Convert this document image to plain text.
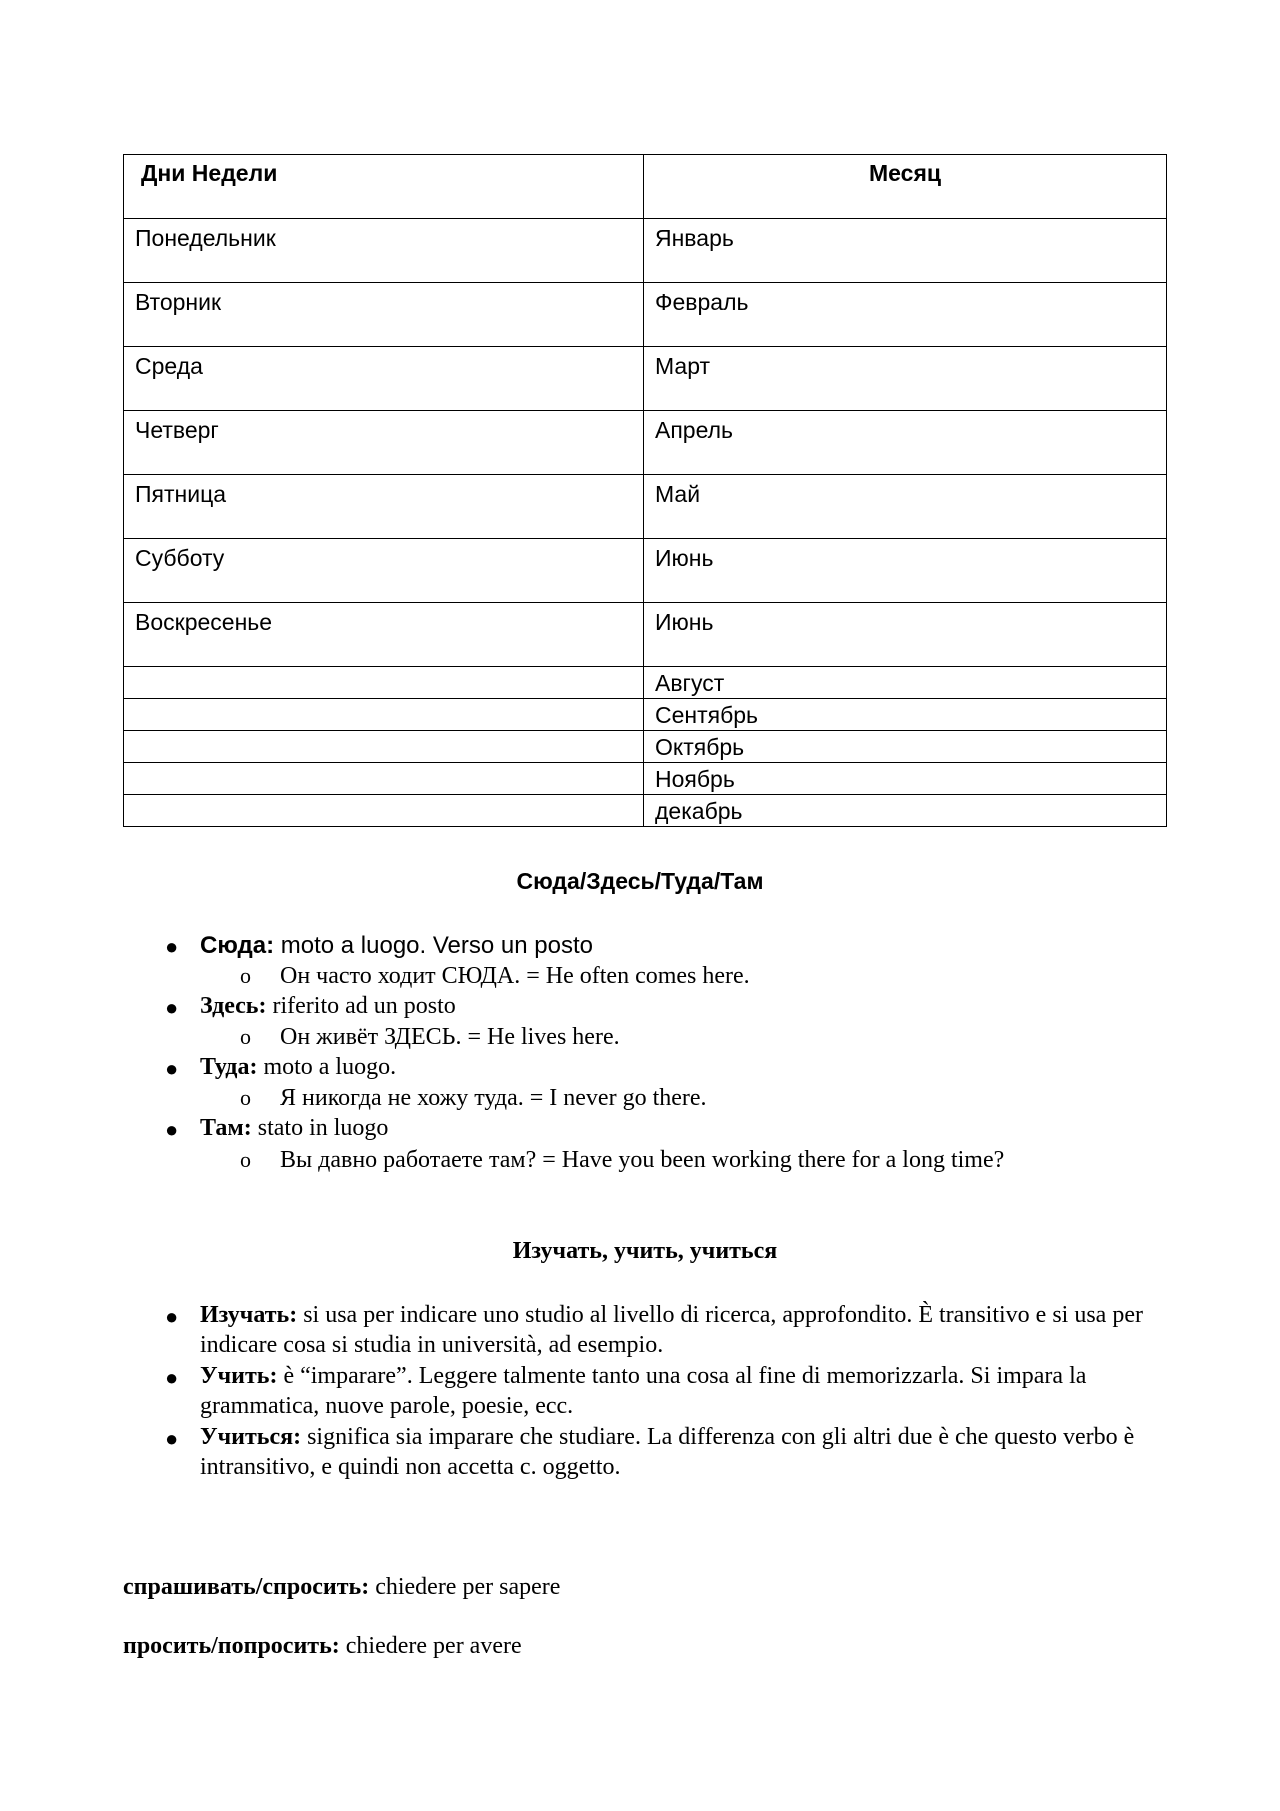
Дни Недели	Месяц
Понедельник	Январь
Вторник	Февраль
Среда	Март
Четверг	Апрель
Пятница	Май
Субботу	Июнь
Воскресенье	Июнь
	Август
	Сентябрь
	Октябрь
	Ноябрь
	декабрь
Сюда/Здесь/Туда/Там
● Сюда: moto a luogo. Verso un posto
o Он часто ходит СЮДА. = He often comes here.
● Здесь: riferito ad un posto
o Он живёт ЗДЕСЬ. = He lives here.
● Туда: moto a luogo.
o Я никогда не хожу туда. = I never go there.
● Там: stato in luogo
o Вы давно работаете там? = Have you been working there for a long time?
Изучать, учить, учиться
● Изучать: si usa per indicare uno studio al livello di ricerca, approfondito. È transitivo e si usa per indicare cosa si studia in università, ad esempio.
● Учить: è “imparare”. Leggere talmente tanto una cosa al fine di memorizzarla. Si impara la grammatica, nuove parole, poesie, ecc.
● Учиться: significa sia imparare che studiare. La differenza con gli altri due è che questo verbo è intransitivo, e quindi non accetta c. oggetto.
спрашивать/спросить: chiedere per sapere
просить/попросить: chiedere per avere
